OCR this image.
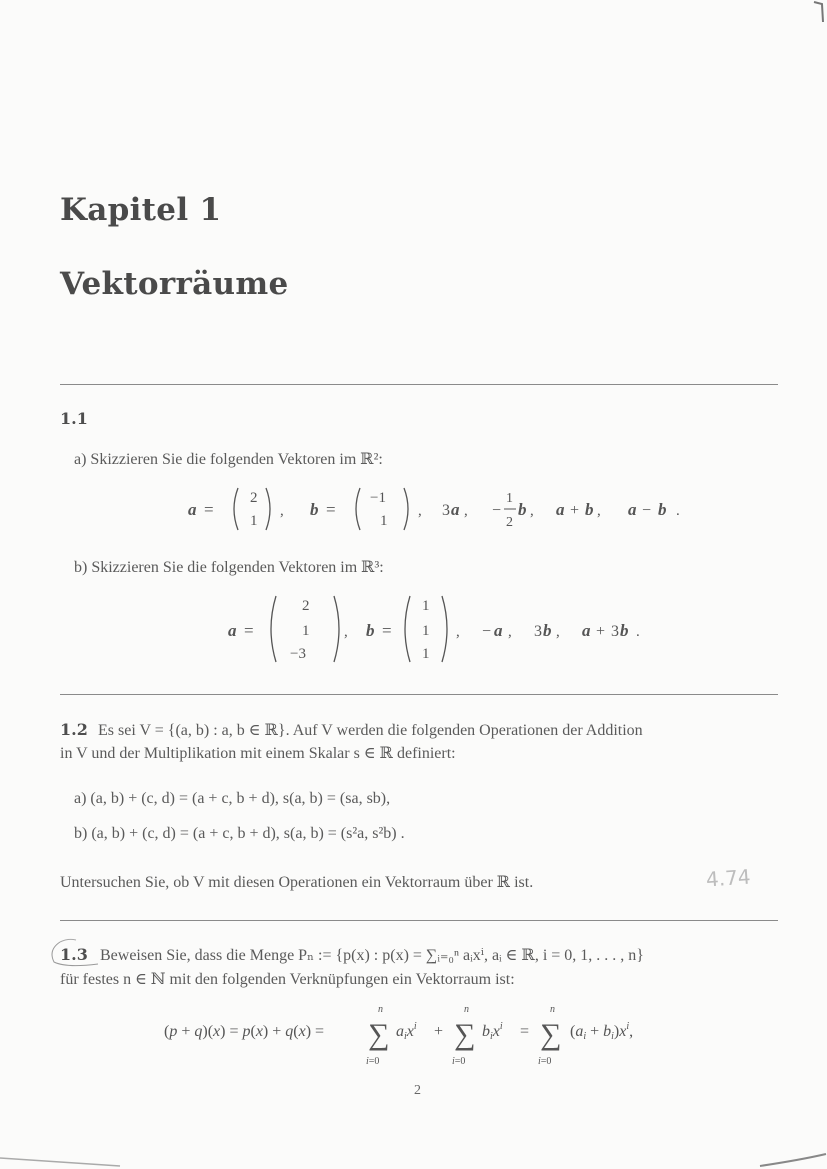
Kapitel 1
Vektorräume
1.1
a) Skizzieren Sie die folgenden Vektoren im ℝ²:
a =
2
1
, b =
−1
1
, 3 a , −
1
2
b , a + b , a − b .
b) Skizzieren Sie die folgenden Vektoren im ℝ³:
a =
2
1
−3
, b =
1
1
1
, − a , 3 b , a + 3 b .
1.2 Es sei V = {(a, b) : a, b ∈ ℝ}. Auf V werden die folgenden Operationen der Addition
in V und der Multiplikation mit einem Skalar s ∈ ℝ definiert:
a) (a, b) + (c, d) = (a + c, b + d), s(a, b) = (sa, sb),
b) (a, b) + (c, d) = (a + c, b + d), s(a, b) = (s²a, s²b) .
Untersuchen Sie, ob V mit diesen Operationen ein Vektorraum über ℝ ist.	4.74
1.3 Beweisen Sie, dass die Menge Pₙ := {p(x) : p(x) = ∑ᵢ₌₀ⁿ aᵢxⁱ, aᵢ ∈ ℝ, i = 0, 1, . . . , n}
für festes n ∈ ℕ mit den folgenden Verknüpfungen ein Vektorraum ist:
(p + q)(x) = p(x) + q(x) =
n
∑
i=0
aix$^i$ +
n
∑
i=0
bix$^i$ =
n
∑
i=0
$(ai + bi)x^i$,
2
